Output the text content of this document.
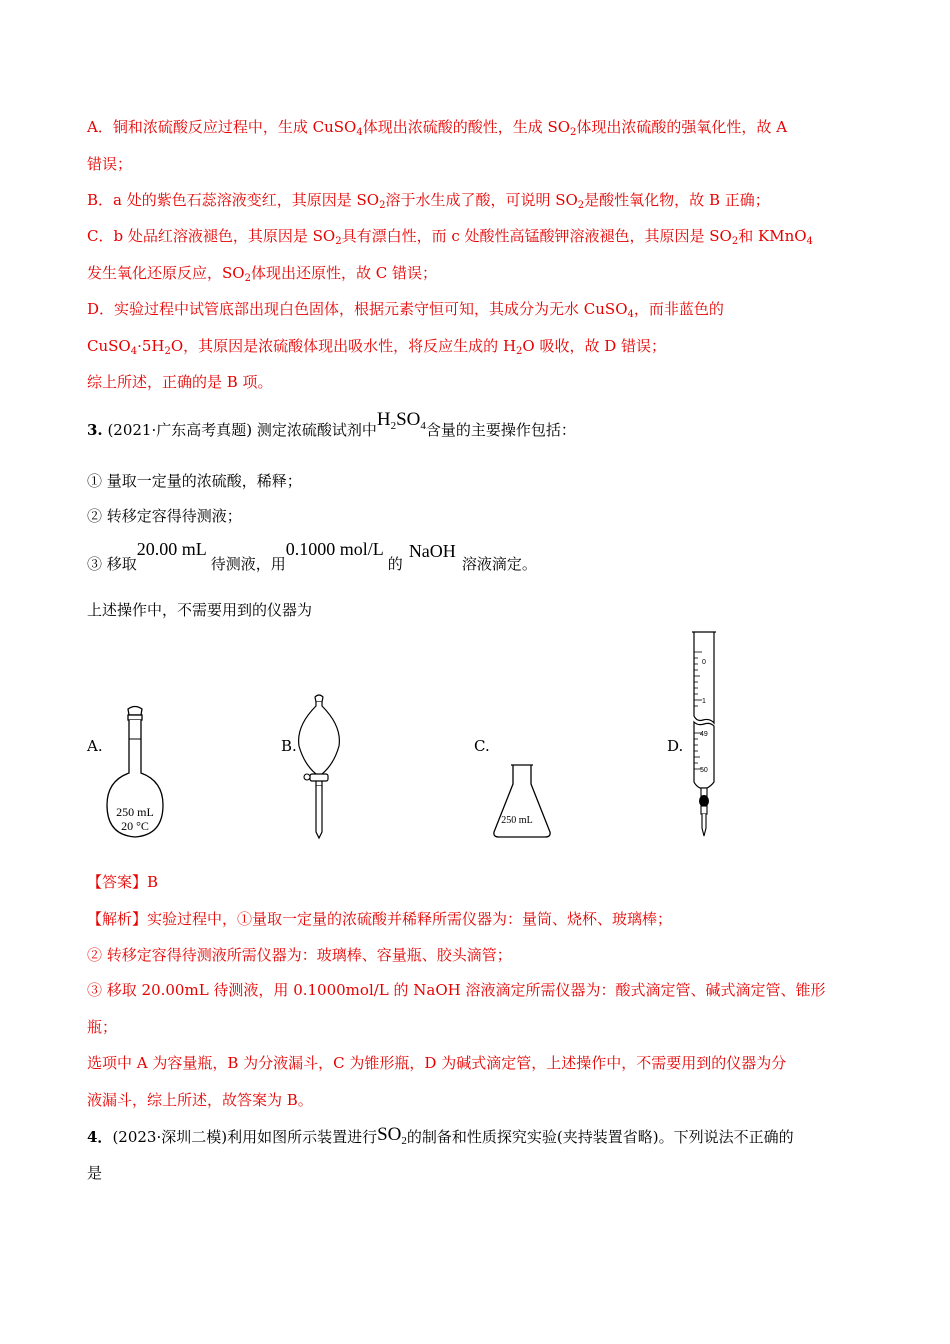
A．铜和浓硫酸反应过程中，生成 CuSO$_4$体现出浓硫酸的酸性，生成 $SO_2$体现出浓硫酸的强氧化性，故 A
错误；
B．a 处的紫色石蕊溶液变红，其原因是 $SO_2$溶于水生成了酸，可说明 $SO_2$是酸性氧化物，故 B 正确；
C．b 处品红溶液褪色，其原因是 $SO_2$具有漂白性，而 c 处酸性高锰酸钾溶液褪色，其原因是 $SO_2$和 KMnO$_4$
发生氧化还原反应，$SO_2$体现出还原性，故 C 错误；
D．实验过程中试管底部出现白色固体，根据元素守恒可知，其成分为无水 CuSO$_4$，而非蓝色的
$CuSO_4\cdot 5H_2O$，其原因是浓硫酸体现出吸水性，将反应生成的 $H_2O$ 吸收，故 D 错误；
综上所述，正确的是 B 项。
3. (2021·广东高考真题) 测定浓硫酸试剂中$H_2SO_4$含量的主要操作包括：
① 量取一定量的浓硫酸，稀释；
② 转移定容得待测液；
③ 移取20.00 mL待测液，用0.1000 mol/L的NaOH溶液滴定。
上述操作中，不需要用到的仪器为
A.	B.	C.	D.
250 mL
20 °C	250 mL
0
1
49
50
【答案】B
【解析】实验过程中，①量取一定量的浓硫酸并稀释所需仪器为：量筒、烧杯、玻璃棒；
② 转移定容得待测液所需仪器为：玻璃棒、容量瓶、胶头滴管；
③ 移取 20.00mL 待测液，用 0.1000mol/L 的 NaOH 溶液滴定所需仪器为：酸式滴定管、碱式滴定管、锥形
瓶；
选项中 A 为容量瓶，B 为分液漏斗，C 为锥形瓶，D 为碱式滴定管，上述操作中，不需要用到的仪器为分
液漏斗，综上所述，故答案为 B。
4．(2023·深圳二模)利用如图所示装置进行$SO_2$的制备和性质探究实验(夹持装置省略)。下列说法不正确的
是
